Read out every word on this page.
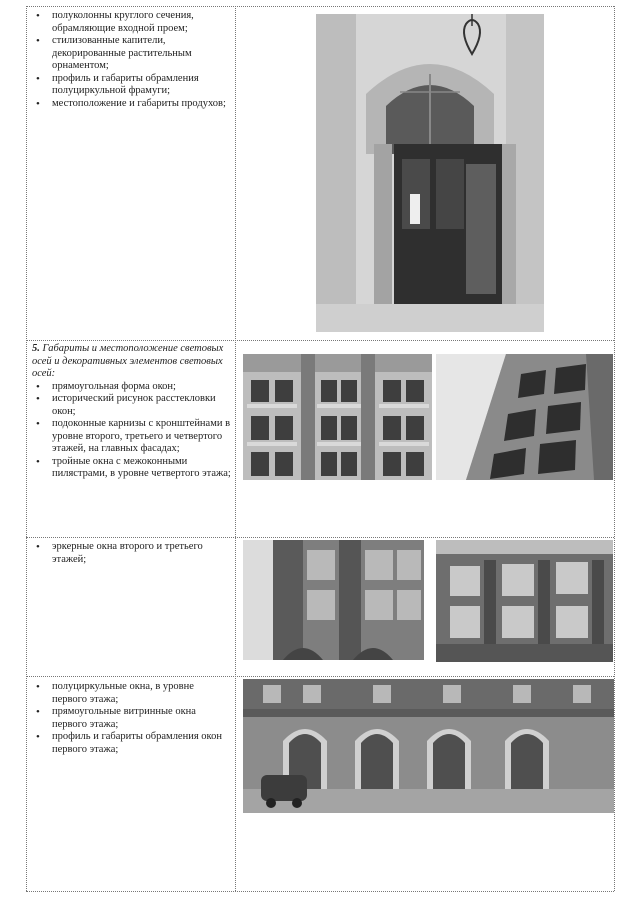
• полуколонны круглого сечения, обрамляющие входной проем;
• стилизованные капители, декорированные растительным орнаментом;
• профиль и габариты обрамления полуциркульной фрамуги;
• местоположение и габариты продухов;
5. Габариты и местоположение световых осей и декоративных элементов световых осей:
• прямоугольная форма окон;
• исторический рисунок расстекловки окон;
• подоконные карнизы с кронштейнами в уровне второго, третьего и четвертого этажей, на главных фасадах;
• тройные окна с межоконными пилястрами, в уровне четвертого этажа;
• эркерные окна второго и третьего этажей;
• полуциркульные окна, в уровне первого этажа;
• прямоугольные витринные окна первого этажа;
• профиль и габариты обрамления окон первого этажа;
